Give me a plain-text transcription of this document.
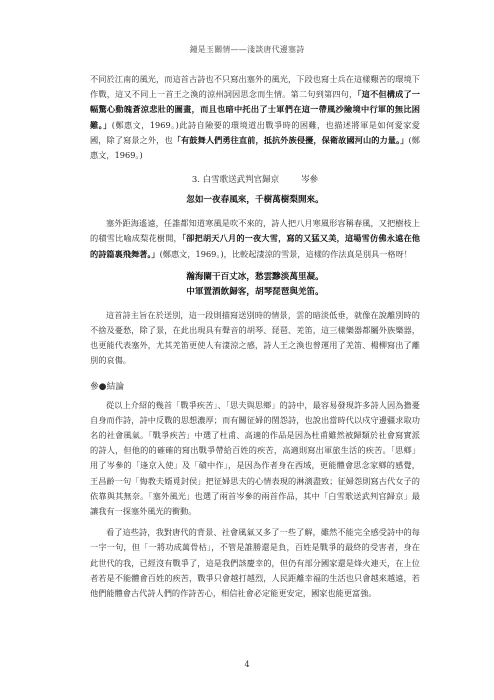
鐘是玉關情——淺談唐代邊塞詩

不同於江南的風光，而這首古詩也不只寫出塞外的風光，下段也寫士兵在這樣艱苦的環境下作戰，這又不同上一首王之渙的涼州詞因思念而生情。第二句到第四句，「這不但構成了一幅驚心動魄蒼涼悲壯的圖畫，而且也暗中托出了士軍們在這一帶風沙險境中行軍的無比困難。」(鄭惠文，1969。)此詩自險要的環境道出戰爭時的困難，也描述將軍是如何愛家愛國，除了寫景之外，也「有鼓舞人們勇往直前，抵抗外族侵擾，保衛故國河山的力量。」(鄭惠文，1969。)

3. 白雪歌送武判官歸京	岑參
忽如一夜春風來，千樹萬樹梨開來。

塞外距海遙遠，任誰都知道寒風是吹不來的，詩人把八月寒風形容稱春風，又把樹枝上的積雪比喻成梨花樹開，「卻把胡天八月的一夜大雪，寫的又猛又美，這場雪仿佛永遠在他的詩篇裏飛舞著。」(鄭惠文，1969。)，比較起淒涼的雪景，這樣的作法真是別具一格呀！

瀚海闌干百丈冰，愁雲黲淡萬里凝。
中軍置酒飲歸客，胡琴琵琶與羌笛。

這首詩主旨在於送別，這一段則描寫送別時的情景，雲的暗淡低垂，就像在說離別時的不捨及憂愁，除了景，在此出現具有聲音的胡琴、琵琶、羌笛，這三樣樂器都屬外族樂器，也更能代表塞外，尤其羌笛更使人有淒涼之感，詩人王之渙也曾運用了羌笛、楊柳寫出了離別的哀傷。

參●結論

從以上介紹的幾首「戰爭疾苦」、「思夫與思鄉」的詩中，最容易發現許多詩人因為擔憂自身而作詩，詩中反戰的思想濃厚；而有關征婦的閨怨詩，也說出當時代以戍守邊疆求取功名的社會風氣。「戰爭疾苦」中選了杜甫、高適的作品是因為杜甫雖然被歸類於社會寫實派的詩人，但他的的確確的寫出戰爭帶給百姓的疾苦，高適則寫出軍旅生活的疾苦。「思鄉」用了岑參的「逢京入使」及「磧中作」，是因為作者身在西域，更能體會思念家鄉的感覺，王昌齡一句「悔教夫婿覓封侯」把征婦思夫的心情表現的淋漓盡致；征婦怨則寫古代女子的依靠與其無奈。「塞外風光」也選了兩首岑參的兩首作品，其中「白雪歌送武判官歸京」最讓我有一探塞外風光的衝動。

看了這些詩，我對唐代的背景、社會風氣又多了一些了解，雖然不能完全感受詩中的每一字一句，但「一將功成萬骨枯」，不管是誰勝還是負，百姓是戰爭的最終的受害者，身在此世代的我，已經沒有戰爭了，這是我們該慶幸的，但仍有部分國家還是烽火連天，在上位者若是不能體會百姓的疾苦，戰爭只會越打越烈，人民距離幸福的生活也只會越來越遠，若他們能體會古代詩人們的作詩苦心，相信社會必定能更安定，國家也能更富強。

4
